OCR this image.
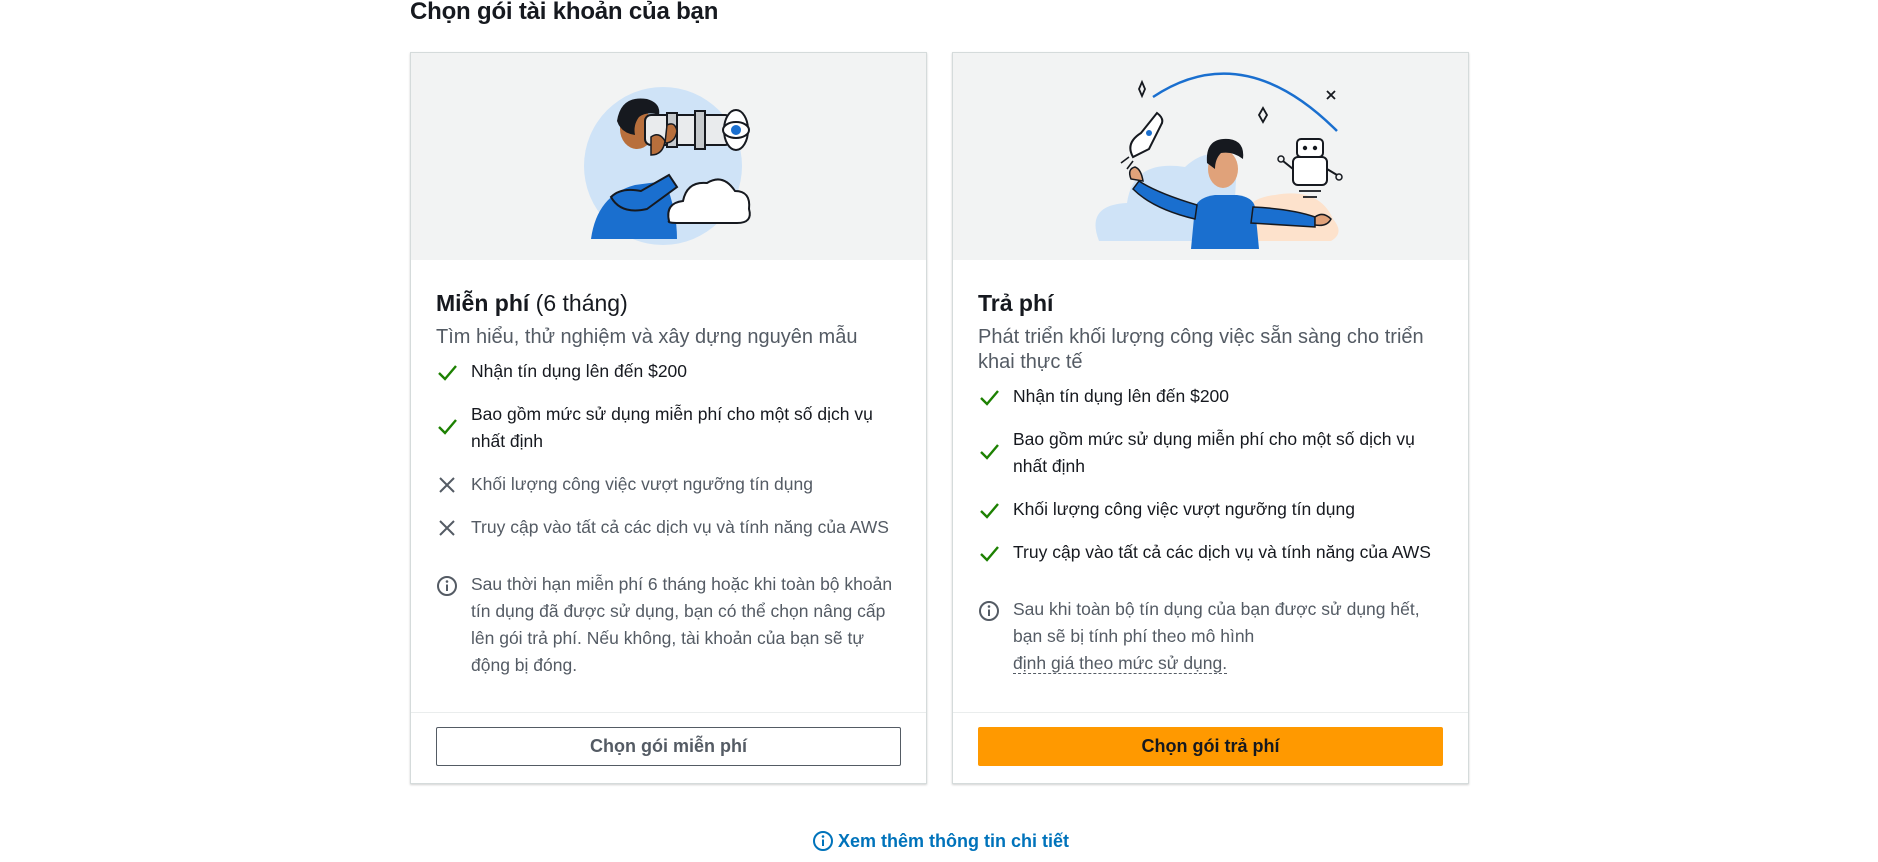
Chọn gói tài khoản của bạn
Miễn phí (6 tháng)
Tìm hiểu, thử nghiệm và xây dựng nguyên mẫu
Nhận tín dụng lên đến $200
Bao gồm mức sử dụng miễn phí cho một số dịch vụ nhất định
Khối lượng công việc vượt ngưỡng tín dụng
Truy cập vào tất cả các dịch vụ và tính năng của AWS
Sau thời hạn miễn phí 6 tháng hoặc khi toàn bộ khoản tín dụng đã được sử dụng, bạn có thể chọn nâng cấp lên gói trả phí. Nếu không, tài khoản của bạn sẽ tự động bị đóng.
Chọn gói miễn phí
Trả phí
Phát triển khối lượng công việc sẵn sàng cho triển khai thực tế
Nhận tín dụng lên đến $200
Bao gồm mức sử dụng miễn phí cho một số dịch vụ nhất định
Khối lượng công việc vượt ngưỡng tín dụng
Truy cập vào tất cả các dịch vụ và tính năng của AWS
Sau khi toàn bộ tín dụng của bạn được sử dụng hết, bạn sẽ bị tính phí theo mô hình
định giá theo mức sử dụng.
Chọn gói trả phí
Xem thêm thông tin chi tiết
